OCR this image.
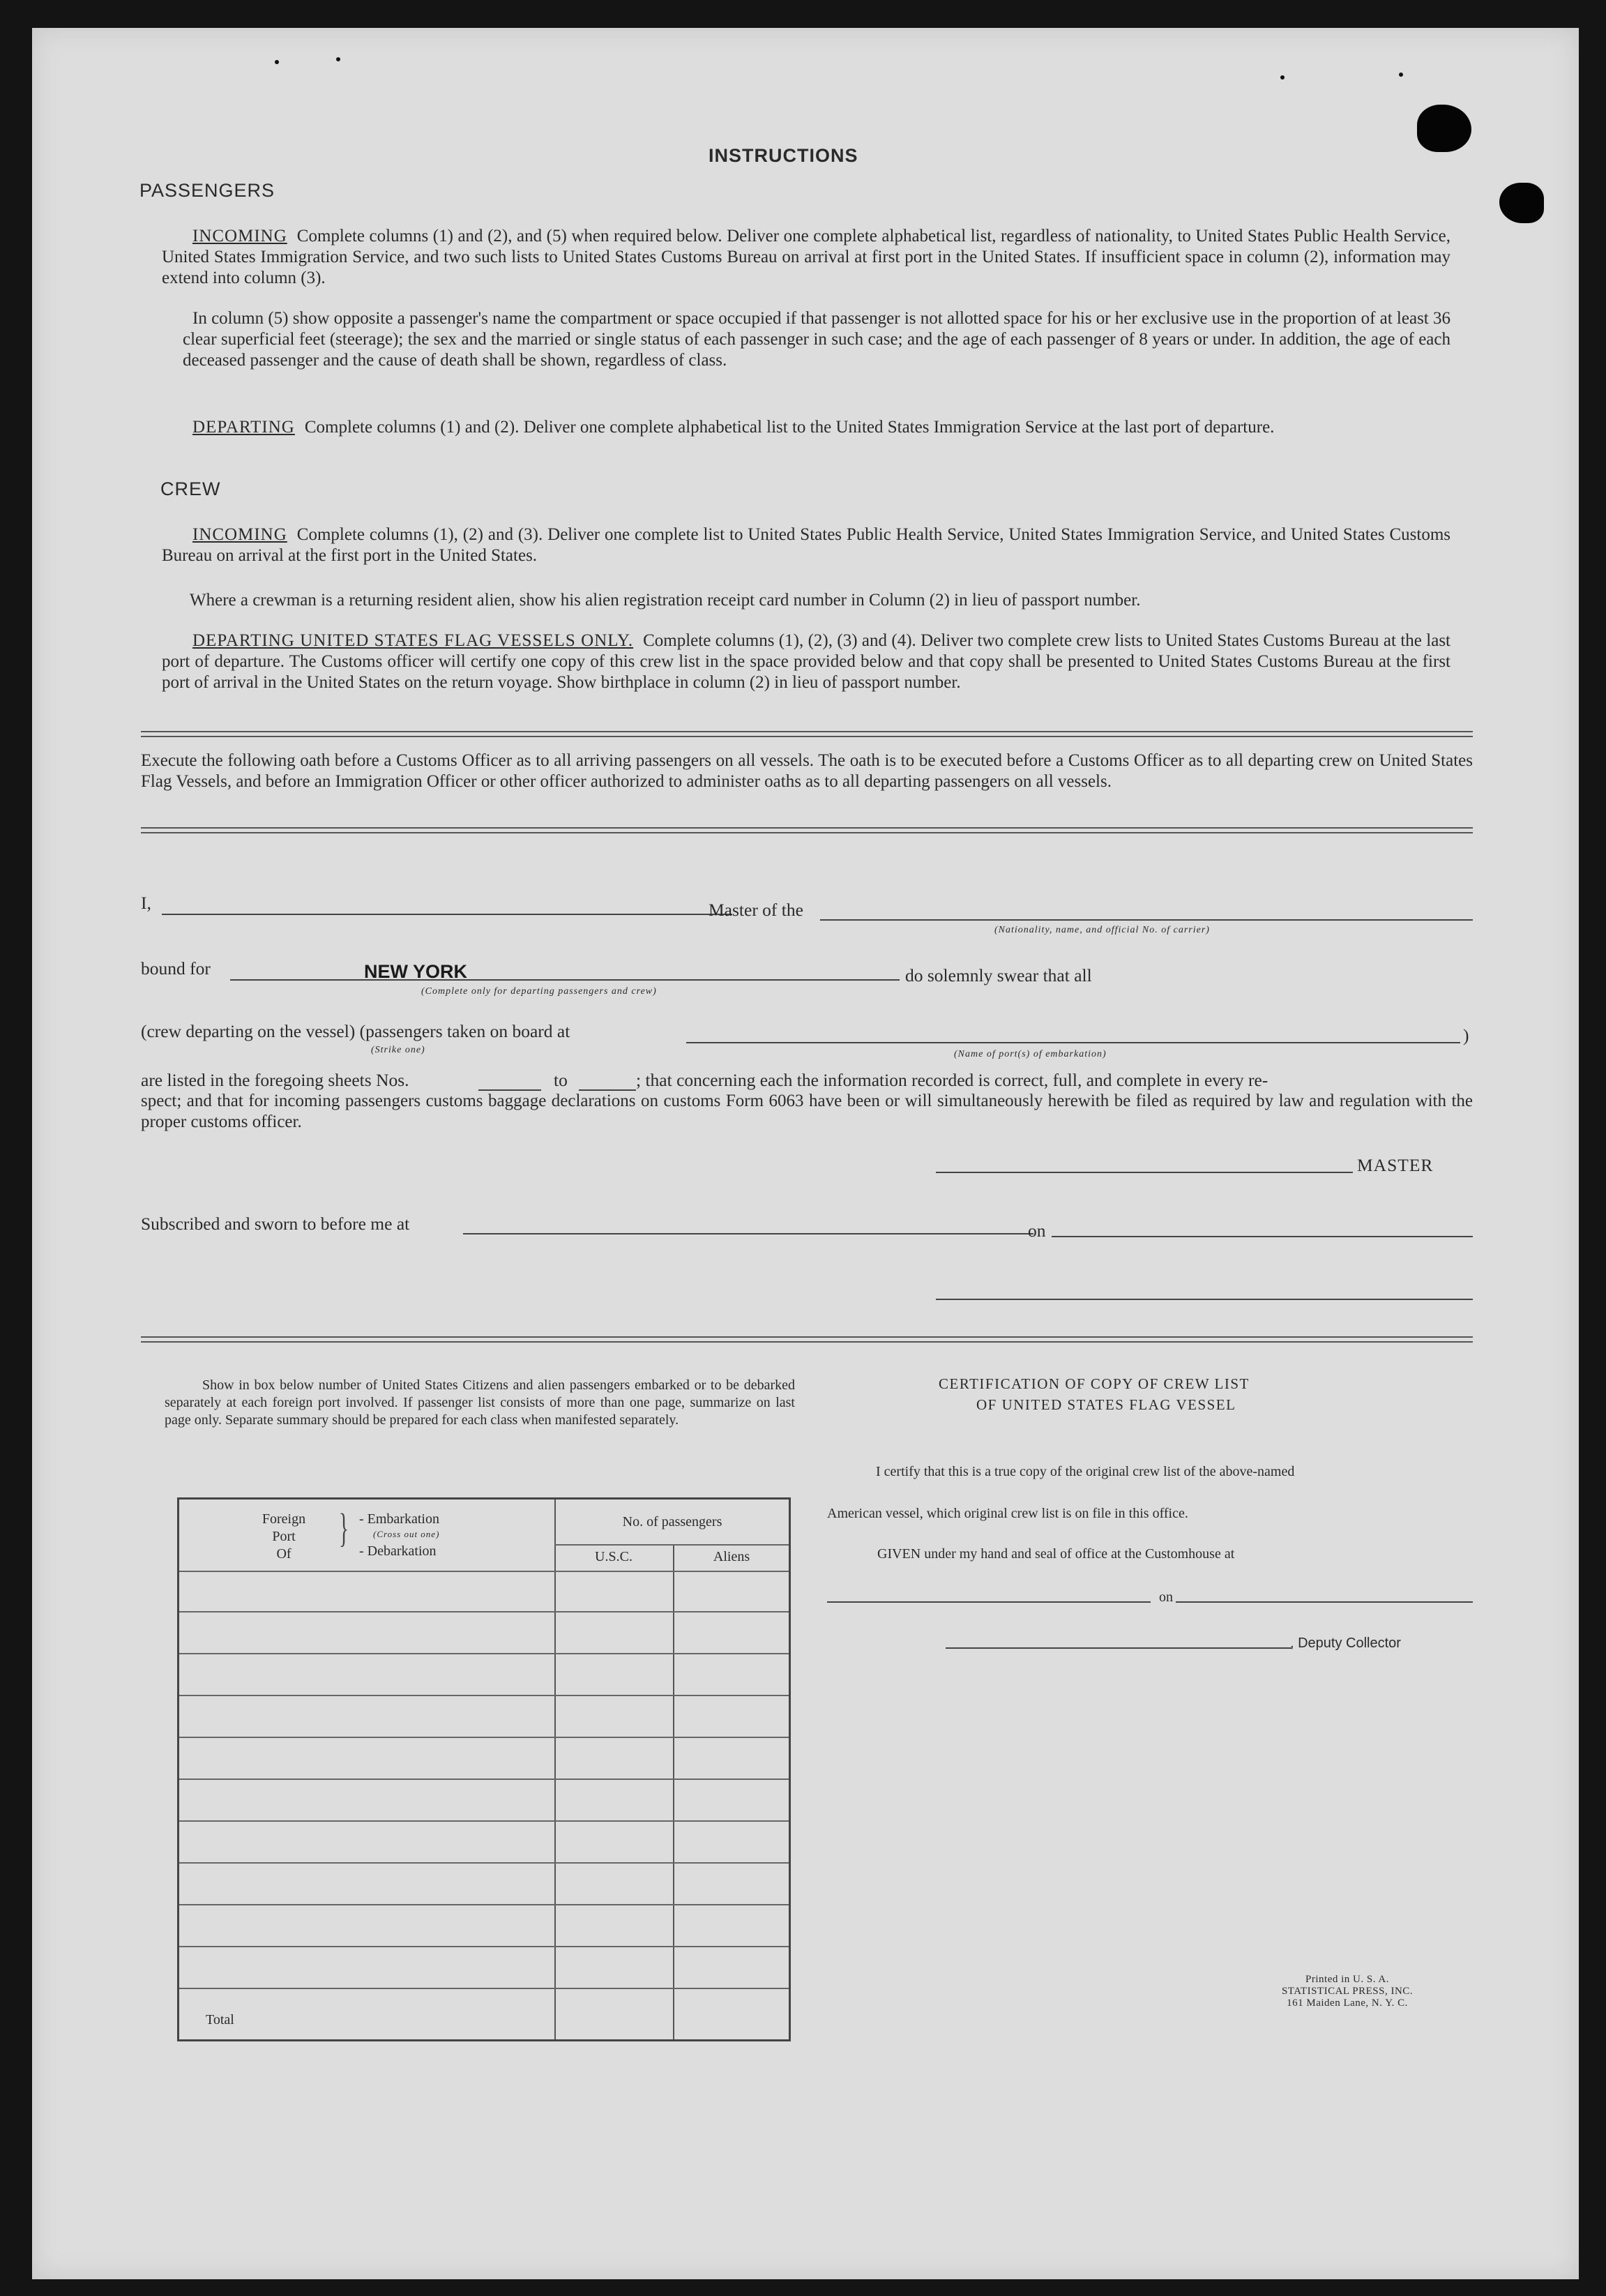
INSTRUCTIONS
PASSENGERS
INCOMING Complete columns (1) and (2), and (5) when required below. Deliver one complete alphabetical list, regardless of nationality, to United States Public Health Service, United States Immigration Service, and two such lists to United States Customs Bureau on arrival at first port in the United States. If insufficient space in column (2), information may extend into column (3).
In column (5) show opposite a passenger's name the compartment or space occupied if that passenger is not allotted space for his or her exclusive use in the proportion of at least 36 clear superficial feet (steerage); the sex and the married or single status of each passenger in such case; and the age of each passenger of 8 years or under. In addition, the age of each deceased passenger and the cause of death shall be shown, regardless of class.
DEPARTING Complete columns (1) and (2). Deliver one complete alphabetical list to the United States Immigration Service at the last port of departure.
CREW
INCOMING Complete columns (1), (2) and (3). Deliver one complete list to United States Public Health Service, United States Immigration Service, and United States Customs Bureau on arrival at the first port in the United States.
Where a crewman is a returning resident alien, show his alien registration receipt card number in Column (2) in lieu of passport number.
DEPARTING UNITED STATES FLAG VESSELS ONLY. Complete columns (1), (2), (3) and (4). Deliver two complete crew lists to United States Customs Bureau at the last port of departure. The Customs officer will certify one copy of this crew list in the space provided below and that copy shall be presented to United States Customs Bureau at the first port of arrival in the United States on the return voyage. Show birthplace in column (2) in lieu of passport number.
Execute the following oath before a Customs Officer as to all arriving passengers on all vessels. The oath is to be executed before a Customs Officer as to all departing crew on United States Flag Vessels, and before an Immigration Officer or other officer authorized to administer oaths as to all departing passengers on all vessels.
I,	Master of the
(Nationality, name, and official No. of carrier)
bound for	NEW YORK
(Complete only for departing passengers and crew)
do solemnly swear that all
(crew departing on the vessel) (passengers taken on board at
(Strike one)
)
(Name of port(s) of embarkation)
are listed in the foregoing sheets Nos.	to	; that concerning each the information recorded is correct, full, and complete in every re-
spect; and that for incoming passengers customs baggage declarations on customs Form 6063 have been or will simultaneously herewith be filed as required by law and regulation with the proper customs officer.
MASTER
Subscribed and sworn to before me at	on
Show in box below number of United States Citizens and alien passengers embarked or to be debarked separately at each foreign port involved. If passenger list consists of more than one page, summarize on last page only. Separate summary should be prepared for each class when manifested separately.
CERTIFICATION OF COPY OF CREW LIST
OF UNITED STATES FLAG VESSEL
I certify that this is a true copy of the original crew list of the above-named
American vessel, which original crew list is on file in this office.
GIVEN under my hand and seal of office at the Customhouse at
on
, Deputy Collector
Foreign
Port
Of
} - Embarkation
(Cross out one)
- Debarkation
No. of passengers
U.S.C.	Aliens
Total
Printed in U. S. A.
STATISTICAL PRESS, INC.
161 Maiden Lane, N. Y. C.
